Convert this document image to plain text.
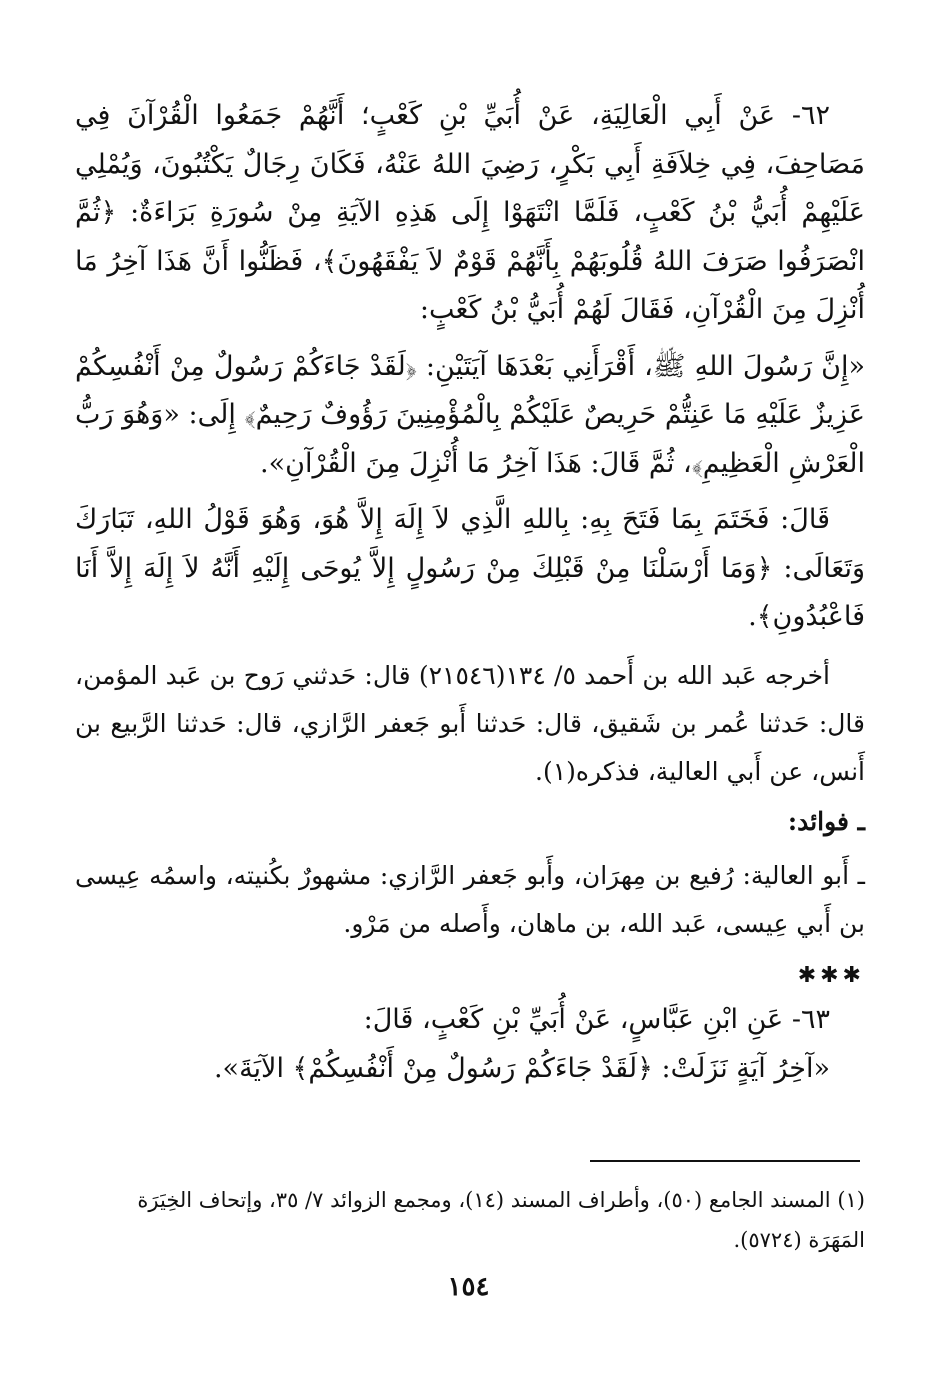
٦٢- عَنْ أَبِي الْعَالِيَةِ، عَنْ أُبَيِّ بْنِ كَعْبٍ؛ أَنَّهُمْ جَمَعُوا الْقُرْآنَ فِي مَصَاحِفَ، فِي خِلاَفَةِ أَبِي بَكْرٍ، رَضِيَ اللهُ عَنْهُ، فَكَانَ رِجَالٌ يَكْتُبُونَ، وَيُمْلِي عَلَيْهِمْ أُبَيُّ بْنُ كَعْبٍ، فَلَمَّا انْتَهَوْا إِلَى هَذِهِ الآيَةِ مِنْ سُورَةِ بَرَاءَةٌ: ﴿ثُمَّ انْصَرَفُوا صَرَفَ اللهُ قُلُوبَهُمْ بِأَنَّهُمْ قَوْمٌ لاَ يَفْقَهُونَ﴾، فَظَنُّوا أَنَّ هَذَا آخِرُ مَا أُنْزِلَ مِنَ الْقُرْآنِ، فَقَالَ لَهُمْ أُبَيُّ بْنُ كَعْبٍ:

«إِنَّ رَسُولَ اللهِ ﷺ، أَقْرَأَنِي بَعْدَهَا آيَتَيْنِ: ﴿لَقَدْ جَاءَكُمْ رَسُولٌ مِنْ أَنْفُسِكُمْ عَزِيزٌ عَلَيْهِ مَا عَنِتُّمْ حَرِيصٌ عَلَيْكُمْ بِالْمُؤْمِنِينَ رَؤُوفٌ رَحِيمٌ﴾ إِلَى: «وَهُوَ رَبُّ الْعَرْشِ الْعَظِيمِ﴾، ثُمَّ قَالَ: هَذَا آخِرُ مَا أُنْزِلَ مِنَ الْقُرْآنِ».

قَالَ: فَخَتَمَ بِمَا فَتَحَ بِهِ: بِاللهِ الَّذِي لاَ إِلَهَ إِلاَّ هُوَ، وَهُوَ قَوْلُ اللهِ، تَبَارَكَ وَتَعَالَى: ﴿وَمَا أَرْسَلْنَا مِنْ قَبْلِكَ مِنْ رَسُولٍ إِلاَّ يُوحَى إِلَيْهِ أَنَّهُ لاَ إِلَهَ إِلاَّ أَنَا فَاعْبُدُونِ﴾.

أخرجه عَبد الله بن أَحمد ٥/ ١٣٤(٢١٥٤٦) قال: حَدثني رَوح بن عَبد المؤمن، قال: حَدثنا عُمر بن شَقيق، قال: حَدثنا أَبو جَعفر الرَّازي، قال: حَدثنا الرَّبيع بن أَنس، عن أَبي العالية، فذكره(١).

ـ فوائد:

ـ أَبو العالية: رُفيع بن مِهرَان، وأَبو جَعفر الرَّازي: مشهورٌ بكُنيته، واسمُه عِيسى بن أَبي عِيسى، عَبد الله، بن ماهان، وأَصله من مَرْو.

✱✱✱

٦٣- عَنِ ابْنِ عَبَّاسٍ، عَنْ أُبَيِّ بْنِ كَعْبٍ، قَالَ:

«آخِرُ آيَةٍ نَزَلَتْ: ﴿لَقَدْ جَاءَكُمْ رَسُولٌ مِنْ أَنْفُسِكُمْ﴾ الآيَةَ».

(١) المسند الجامع (٥٠)، وأطراف المسند (١٤)، ومجمع الزوائد ٧/ ٣٥، وإتحاف الخِيَرَة المَهَرَة (٥٧٢٤).
١٥٤
